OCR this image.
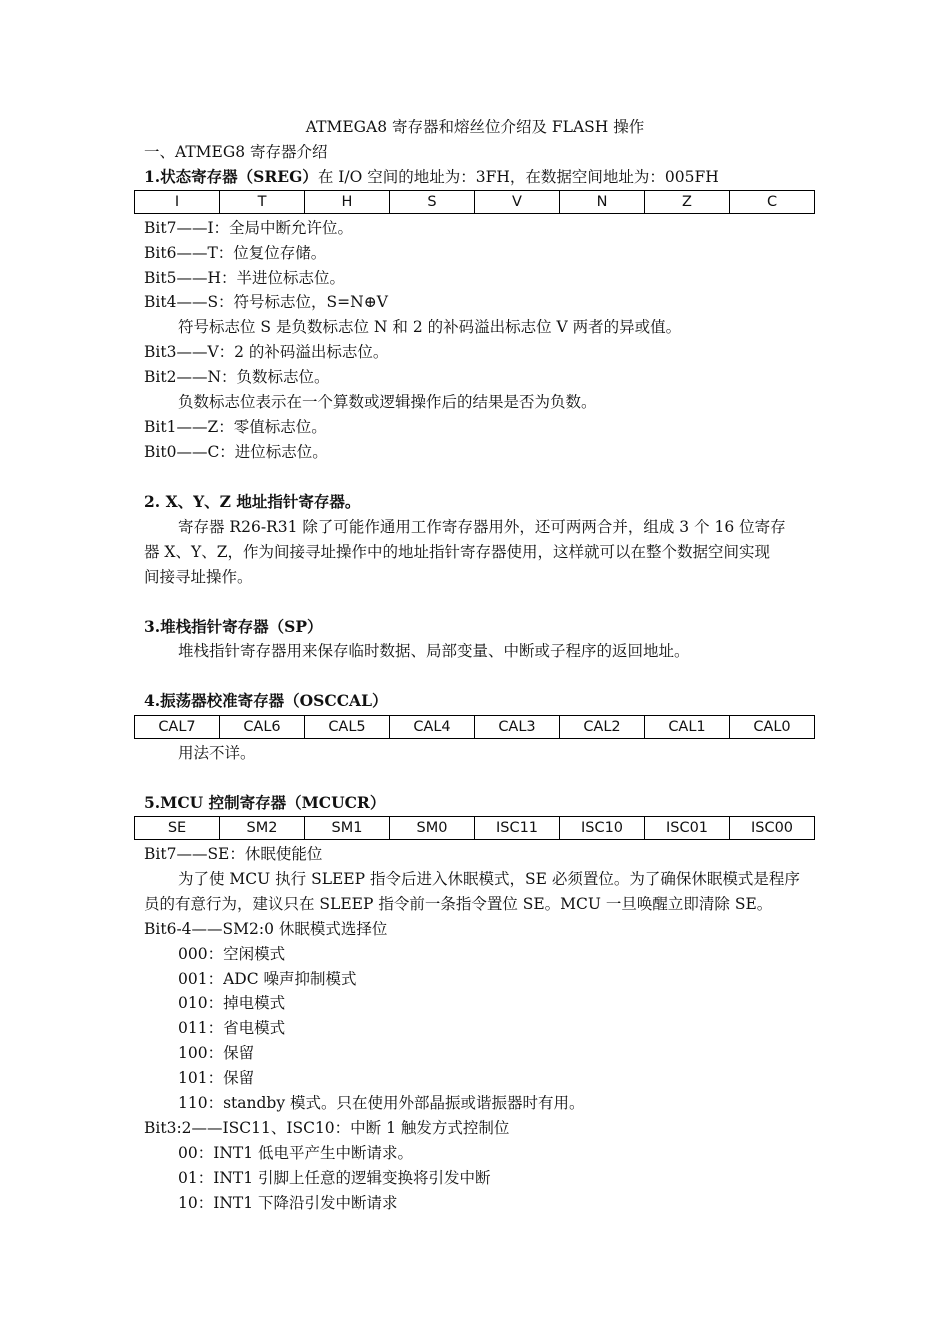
ATMEGA8 寄存器和熔丝位介绍及 FLASH 操作
一、ATMEG8 寄存器介绍
1.状态寄存器（SREG）在 I/O 空间的地址为：3FH，在数据空间地址为：005FH
I	T	H	S	V	N	Z	C
Bit7——I：全局中断允许位。
Bit6——T：位复位存储。
Bit5——H：半进位标志位。
Bit4——S：符号标志位，S=N⊕V
符号标志位 S 是负数标志位 N 和 2 的补码溢出标志位 V 两者的异或值。
Bit3——V：2 的补码溢出标志位。
Bit2——N：负数标志位。
负数标志位表示在一个算数或逻辑操作后的结果是否为负数。
Bit1——Z：零值标志位。
Bit0——C：进位标志位。
2. X、Y、Z 地址指针寄存器。
寄存器 R26-R31 除了可能作通用工作寄存器用外，还可两两合并，组成 3 个 16 位寄存
器 X、Y、Z，作为间接寻址操作中的地址指针寄存器使用，这样就可以在整个数据空间实现
间接寻址操作。
3.堆栈指针寄存器（SP）
堆栈指针寄存器用来保存临时数据、局部变量、中断或子程序的返回地址。
4.振荡器校准寄存器（OSCCAL）
CAL7	CAL6	CAL5	CAL4	CAL3	CAL2	CAL1	CAL0
用法不详。
5.MCU 控制寄存器（MCUCR）
SE	SM2	SM1	SM0	ISC11	ISC10	ISC01	ISC00
Bit7——SE：休眠使能位
为了使 MCU 执行 SLEEP 指令后进入休眠模式，SE 必须置位。为了确保休眠模式是程序
员的有意行为，建议只在 SLEEP 指令前一条指令置位 SE。MCU 一旦唤醒立即清除 SE。
Bit6-4——SM2:0 休眠模式选择位
000：空闲模式
001：ADC 噪声抑制模式
010：掉电模式
011：省电模式
100：保留
101：保留
110：standby 模式。只在使用外部晶振或谐振器时有用。
Bit3:2——ISC11、ISC10：中断 1 触发方式控制位
00：INT1 低电平产生中断请求。
01：INT1 引脚上任意的逻辑变换将引发中断
10：INT1 下降沿引发中断请求
